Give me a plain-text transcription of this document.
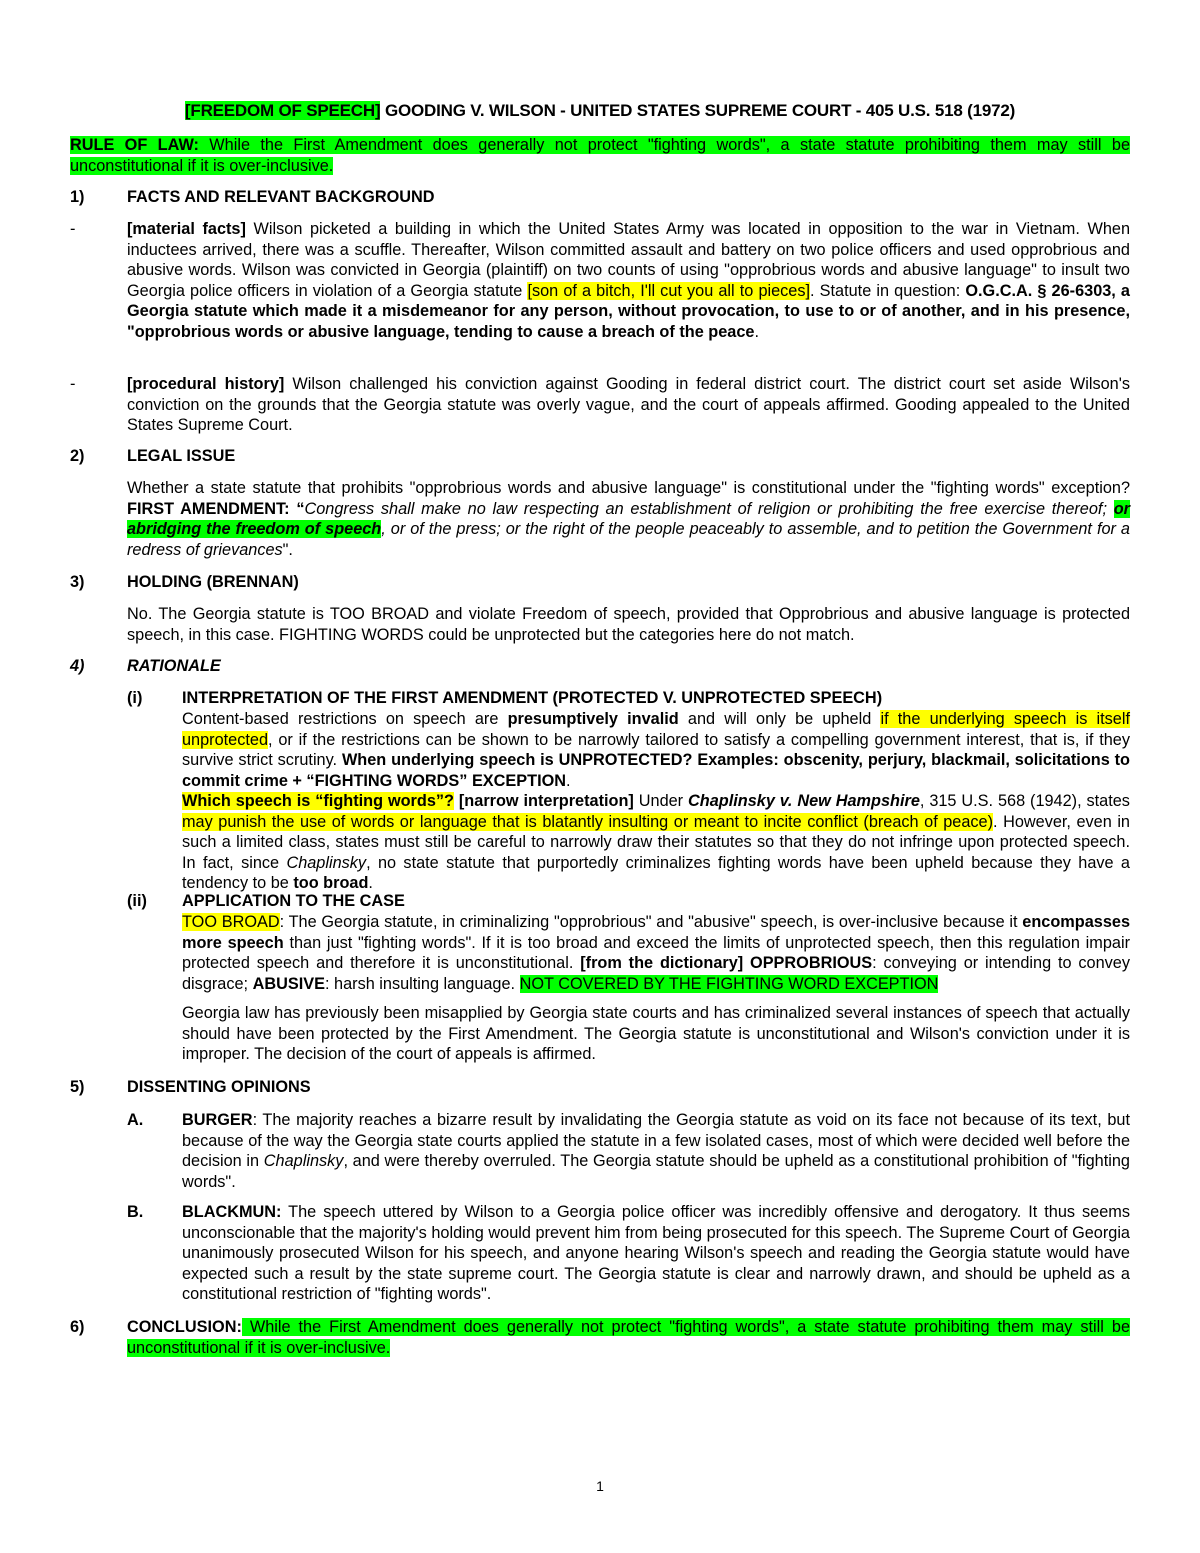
[FREEDOM OF SPEECH] GOODING V. WILSON - UNITED STATES SUPREME COURT - 405 U.S. 518 (1972)
RULE OF LAW: While the First Amendment does generally not protect "fighting words", a state statute prohibiting them may still be unconstitutional if it is over-inclusive.
1)	FACTS AND RELEVANT BACKGROUND
-	[material facts] Wilson picketed a building in which the United States Army was located in opposition to the war in Vietnam. When inductees arrived, there was a scuffle. Thereafter, Wilson committed assault and battery on two police officers and used opprobrious and abusive words. Wilson was convicted in Georgia (plaintiff) on two counts of using "opprobrious words and abusive language" to insult two Georgia police officers in violation of a Georgia statute [son of a bitch, I'll cut you all to pieces]. Statute in question: O.G.C.A. § 26-6303, a Georgia statute which made it a misdemeanor for any person, without provocation, to use to or of another, and in his presence, "opprobrious words or abusive language, tending to cause a breach of the peace.
-	[procedural history] Wilson challenged his conviction against Gooding in federal district court. The district court set aside Wilson's conviction on the grounds that the Georgia statute was overly vague, and the court of appeals affirmed. Gooding appealed to the United States Supreme Court.
2)	LEGAL ISSUE
Whether a state statute that prohibits "opprobrious words and abusive language" is constitutional under the "fighting words" exception? FIRST AMENDMENT: “Congress shall make no law respecting an establishment of religion or prohibiting the free exercise thereof; or abridging the freedom of speech, or of the press; or the right of the people peaceably to assemble, and to petition the Government for a redress of grievances".
3)	HOLDING (BRENNAN)
No. The Georgia statute is TOO BROAD and violate Freedom of speech, provided that Opprobrious and abusive language is protected speech, in this case. FIGHTING WORDS could be unprotected but the categories here do not match.
4)	RATIONALE
(i) INTERPRETATION OF THE FIRST AMENDMENT (PROTECTED V. UNPROTECTED SPEECH)
Content-based restrictions on speech are presumptively invalid and will only be upheld if the underlying speech is itself unprotected, or if the restrictions can be shown to be narrowly tailored to satisfy a compelling government interest, that is, if they survive strict scrutiny. When underlying speech is UNPROTECTED? Examples: obscenity, perjury, blackmail, solicitations to commit crime + “FIGHTING WORDS” EXCEPTION.
Which speech is “fighting words”? [narrow interpretation] Under Chaplinsky v. New Hampshire, 315 U.S. 568 (1942), states may punish the use of words or language that is blatantly insulting or meant to incite conflict (breach of peace). However, even in such a limited class, states must still be careful to narrowly draw their statutes so that they do not infringe upon protected speech. In fact, since Chaplinsky, no state statute that purportedly criminalizes fighting words have been upheld because they have a tendency to be too broad.
(ii) APPLICATION TO THE CASE
TOO BROAD: The Georgia statute, in criminalizing "opprobrious" and "abusive" speech, is over-inclusive because it encompasses more speech than just "fighting words". If it is too broad and exceed the limits of unprotected speech, then this regulation impair protected speech and therefore it is unconstitutional. [from the dictionary] OPPROBRIOUS: conveying or intending to convey disgrace; ABUSIVE: harsh insulting language. NOT COVERED BY THE FIGHTING WORD EXCEPTION
Georgia law has previously been misapplied by Georgia state courts and has criminalized several instances of speech that actually should have been protected by the First Amendment. The Georgia statute is unconstitutional and Wilson's conviction under it is improper. The decision of the court of appeals is affirmed.
5)	DISSENTING OPINIONS
A. BURGER: The majority reaches a bizarre result by invalidating the Georgia statute as void on its face not because of its text, but because of the way the Georgia state courts applied the statute in a few isolated cases, most of which were decided well before the decision in Chaplinsky, and were thereby overruled. The Georgia statute should be upheld as a constitutional prohibition of "fighting words".
B. BLACKMUN: The speech uttered by Wilson to a Georgia police officer was incredibly offensive and derogatory. It thus seems unconscionable that the majority's holding would prevent him from being prosecuted for this speech. The Supreme Court of Georgia unanimously prosecuted Wilson for his speech, and anyone hearing Wilson's speech and reading the Georgia statute would have expected such a result by the state supreme court. The Georgia statute is clear and narrowly drawn, and should be upheld as a constitutional restriction of "fighting words".
6)	CONCLUSION: While the First Amendment does generally not protect "fighting words", a state statute prohibiting them may still be unconstitutional if it is over-inclusive.
1
